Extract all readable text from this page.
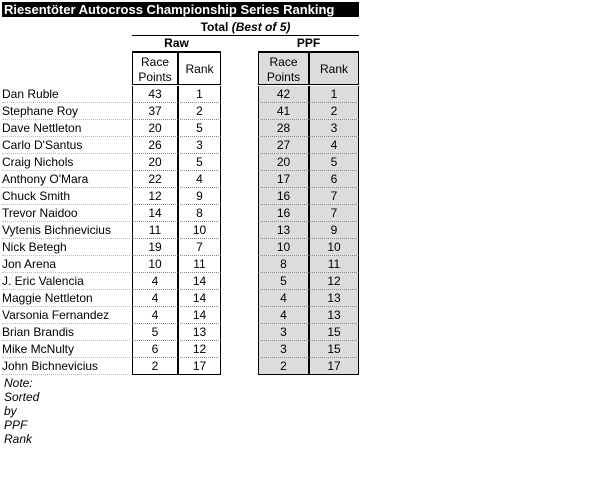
Riesentöter Autocross Championship Series Ranking
Total (Best of 5)
Raw	PPF
Race
Points
Rank	Race
Points
Rank
Dan Ruble	43	1	42	1
Stephane Roy	37	2	41	2
Dave Nettleton	20	5	28	3
Carlo D'Santus	26	3	27	4
Craig Nichols	20	5	20	5
Anthony O'Mara	22	4	17	6
Chuck Smith	12	9	16	7
Trevor Naidoo	14	8	16	7
Vytenis Bichnevicius	11	10	13	9
Nick Betegh	19	7	10	10
Jon Arena	10	11	8	11
J. Eric Valencia	4	14	5	12
Maggie Nettleton	4	14	4	13
Varsonia Fernandez	4	14	4	13
Brian Brandis	5	13	3	15
Mike McNulty	6	12	3	15
John Bichnevicius	2	17	2	17
Note: Sorted by PPF Rank
